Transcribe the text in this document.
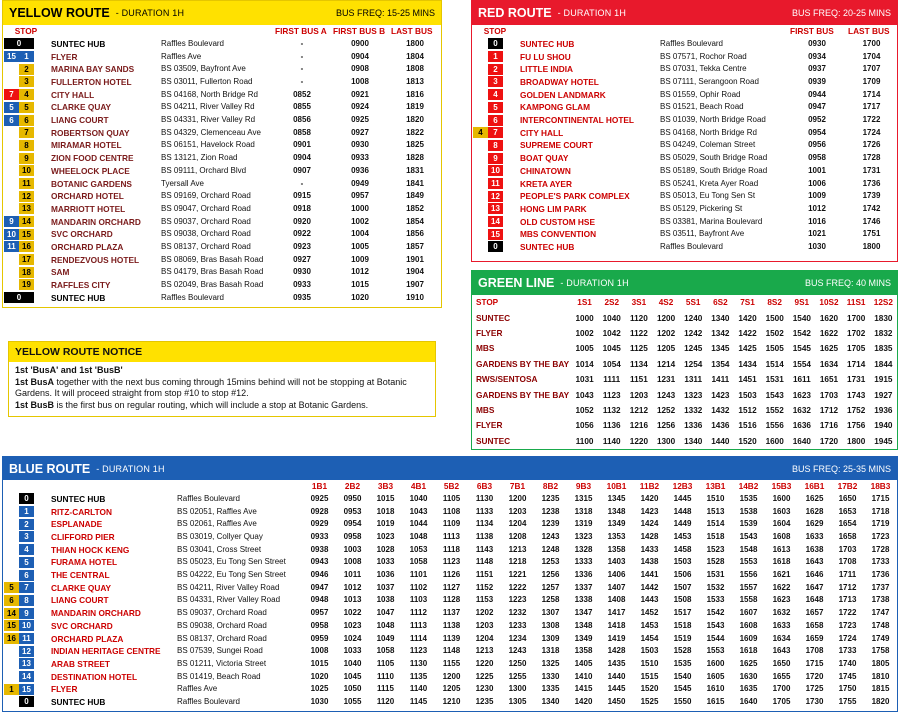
YELLOW ROUTE - DURATION 1H	BUS FREQ: 15-25 MINS
STOP			FIRST BUS A	FIRST BUS B	LAST BUS
0	SUNTEC HUB	Raffles Boulevard	-	0900	1800
15 1	FLYER	Raffles Ave	-	0904	1804
2	MARINA BAY SANDS	BS 03509, Bayfront Ave	-	0908	1808
3	FULLERTON HOTEL	BS 03011, Fullerton Road	-	1008	1813
7 4	CITY HALL	BS 04168, North Bridge Rd	0852	0921	1816
5 5	CLARKE QUAY	BS 04211, River Valley Rd	0855	0924	1819
6 6	LIANG COURT	BS 04331, River Valley Rd	0856	0925	1820
7	ROBERTSON QUAY	BS 04329, Clemenceau Ave	0858	0927	1822
8	MIRAMAR HOTEL	BS 06151, Havelock Road	0901	0930	1825
9	ZION FOOD CENTRE	BS 13121, Zion Road	0904	0933	1828
10	WHEELOCK PLACE	BS 09111, Orchard Blvd	0907	0936	1831
11	BOTANIC GARDENS	Tyersall Ave	-	0949	1841
12	ORCHARD HOTEL	BS 09169, Orchard Road	0915	0957	1849
13	MARRIOTT HOTEL	BS 09047, Orchard Road	0918	1000	1852
9 14	MANDARIN ORCHARD	BS 09037, Orchard Road	0920	1002	1854
10 15	SVC ORCHARD	BS 09038, Orchard Road	0922	1004	1856
11 16	ORCHARD PLAZA	BS 08137, Orchard Road	0923	1005	1857
17	RENDEZVOUS HOTEL	BS 08069, Bras Basah Road	0927	1009	1901
18	SAM	BS 04179, Bras Basah Road	0930	1012	1904
19	RAFFLES CITY	BS 02049, Bras Basah Road	0933	1015	1907
0	SUNTEC HUB	Raffles Boulevard	0935	1020	1910
YELLOW ROUTE NOTICE
1st 'BusA' and 1st 'BusB'
1st BusA together with the next bus coming through 15mins behind will not be stopping at Botanic Gardens. It will proceed straight from stop #10 to stop #12.
1st BusB is the first bus on regular routing, which will include a stop at Botanic Gardens.
RED ROUTE - DURATION 1H	BUS FREQ: 20-25 MINS
STOP			FIRST BUS	LAST BUS
0	SUNTEC HUB	Raffles Boulevard	0930	1700
1	FU LU SHOU	BS 07571, Rochor Road	0934	1704
2	LITTLE INDIA	BS 07031, Tekka Centre	0937	1707
3	BROADWAY HOTEL	BS 07111, Serangoon Road	0939	1709
4	GOLDEN LANDMARK	BS 01559, Ophir Road	0944	1714
5	KAMPONG GLAM	BS 01521, Beach Road	0947	1717
6	INTERCONTINENTAL HOTEL	BS 01039, North Bridge Road	0952	1722
4 7	CITY HALL	BS 04168, North Bridge Rd	0954	1724
8	SUPREME COURT	BS 04249, Coleman Street	0956	1726
9	BOAT QUAY	BS 05029, South Bridge Road	0958	1728
10	CHINATOWN	BS 05189, South Bridge Road	1001	1731
11	KRETA AYER	BS 05241, Kreta Ayer Road	1006	1736
12	PEOPLE'S PARK COMPLEX	BS 05013, Eu Tong Sen St	1009	1739
13	HONG LIM PARK	BS 05129, Pickering St	1012	1742
14	OLD CUSTOM HSE	BS 03381, Marina Boulevard	1016	1746
15	MBS CONVENTION	BS 03511, Bayfront Ave	1021	1751
0	SUNTEC HUB	Raffles Boulevard	1030	1800
GREEN LINE - DURATION 1H	BUS FREQ: 40 MINS
STOP	1S1	2S2	3S1	4S2	5S1	6S2	7S1	8S2	9S1	10S2	11S1	12S2
SUNTEC	1000	1040	1120	1200	1240	1340	1420	1500	1540	1620	1700	1830
FLYER	1002	1042	1122	1202	1242	1342	1422	1502	1542	1622	1702	1832
MBS	1005	1045	1125	1205	1245	1345	1425	1505	1545	1625	1705	1835
GARDENS BY THE BAY	1014	1054	1134	1214	1254	1354	1434	1514	1554	1634	1714	1844
RWS/SENTOSA	1031	1111	1151	1231	1311	1411	1451	1531	1611	1651	1731	1915
GARDENS BY THE BAY	1043	1123	1203	1243	1323	1423	1503	1543	1623	1703	1743	1927
MBS	1052	1132	1212	1252	1332	1432	1512	1552	1632	1712	1752	1936
FLYER	1056	1136	1216	1256	1336	1436	1516	1556	1636	1716	1756	1940
SUNTEC	1100	1140	1220	1300	1340	1440	1520	1600	1640	1720	1800	1945
BLUE ROUTE - DURATION 1H	BUS FREQ: 25-35 MINS
			1B1	2B2	3B3	4B1	5B2	6B3	7B1	8B2	9B3	10B1	11B2	12B3	13B1	14B2	15B3	16B1	17B2	18B3
0	SUNTEC HUB	Raffles Boulevard	0925	0950	1015	1040	1105	1130	1200	1235	1315	1345	1420	1445	1510	1535	1600	1625	1650	1715
1	RITZ-CARLTON	BS 02051, Raffles Ave	0928	0953	1018	1043	1108	1133	1203	1238	1318	1348	1423	1448	1513	1538	1603	1628	1653	1718
2	ESPLANADE	BS 02061, Raffles Ave	0929	0954	1019	1044	1109	1134	1204	1239	1319	1349	1424	1449	1514	1539	1604	1629	1654	1719
3	CLIFFORD PIER	BS 03019, Collyer Quay	0933	0958	1023	1048	1113	1138	1208	1243	1323	1353	1428	1453	1518	1543	1608	1633	1658	1723
4	THIAN HOCK KENG	BS 03041, Cross Street	0938	1003	1028	1053	1118	1143	1213	1248	1328	1358	1433	1458	1523	1548	1613	1638	1703	1728
5	FURAMA HOTEL	BS 05023, Eu Tong Sen Street	0943	1008	1033	1058	1123	1148	1218	1253	1333	1403	1438	1503	1528	1553	1618	1643	1708	1733
6	THE CENTRAL	BS 04222, Eu Tong Sen Street	0946	1011	1036	1101	1126	1151	1221	1256	1336	1406	1441	1506	1531	1556	1621	1646	1711	1736
5 7	CLARKE QUAY	BS 04211, River Valley Road	0947	1012	1037	1102	1127	1152	1222	1257	1337	1407	1442	1507	1532	1557	1622	1647	1712	1737
6 8	LIANG COURT	BS 04331, River Valley Road	0948	1013	1038	1103	1128	1153	1223	1258	1338	1408	1443	1508	1533	1558	1623	1648	1713	1738
14 9	MANDARIN ORCHARD	BS 09037, Orchard Road	0957	1022	1047	1112	1137	1202	1232	1307	1347	1417	1452	1517	1542	1607	1632	1657	1722	1747
15 10	SVC ORCHARD	BS 09038, Orchard Road	0958	1023	1048	1113	1138	1203	1233	1308	1348	1418	1453	1518	1543	1608	1633	1658	1723	1748
16 11	ORCHARD PLAZA	BS 08137, Orchard Road	0959	1024	1049	1114	1139	1204	1234	1309	1349	1419	1454	1519	1544	1609	1634	1659	1724	1749
12	INDIAN HERITAGE CENTRE	BS 07539, Sungei Road	1008	1033	1058	1123	1148	1213	1243	1318	1358	1428	1503	1528	1553	1618	1643	1708	1733	1758
13	ARAB STREET	BS 01211, Victoria Street	1015	1040	1105	1130	1155	1220	1250	1325	1405	1435	1510	1535	1600	1625	1650	1715	1740	1805
14	DESTINATION HOTEL	BS 01419, Beach Road	1020	1045	1110	1135	1200	1225	1255	1330	1410	1440	1515	1540	1605	1630	1655	1720	1745	1810
1 15	FLYER	Raffles Ave	1025	1050	1115	1140	1205	1230	1300	1335	1415	1445	1520	1545	1610	1635	1700	1725	1750	1815
0	SUNTEC HUB	Raffles Boulevard	1030	1055	1120	1145	1210	1235	1305	1340	1420	1450	1525	1550	1615	1640	1705	1730	1755	1820
